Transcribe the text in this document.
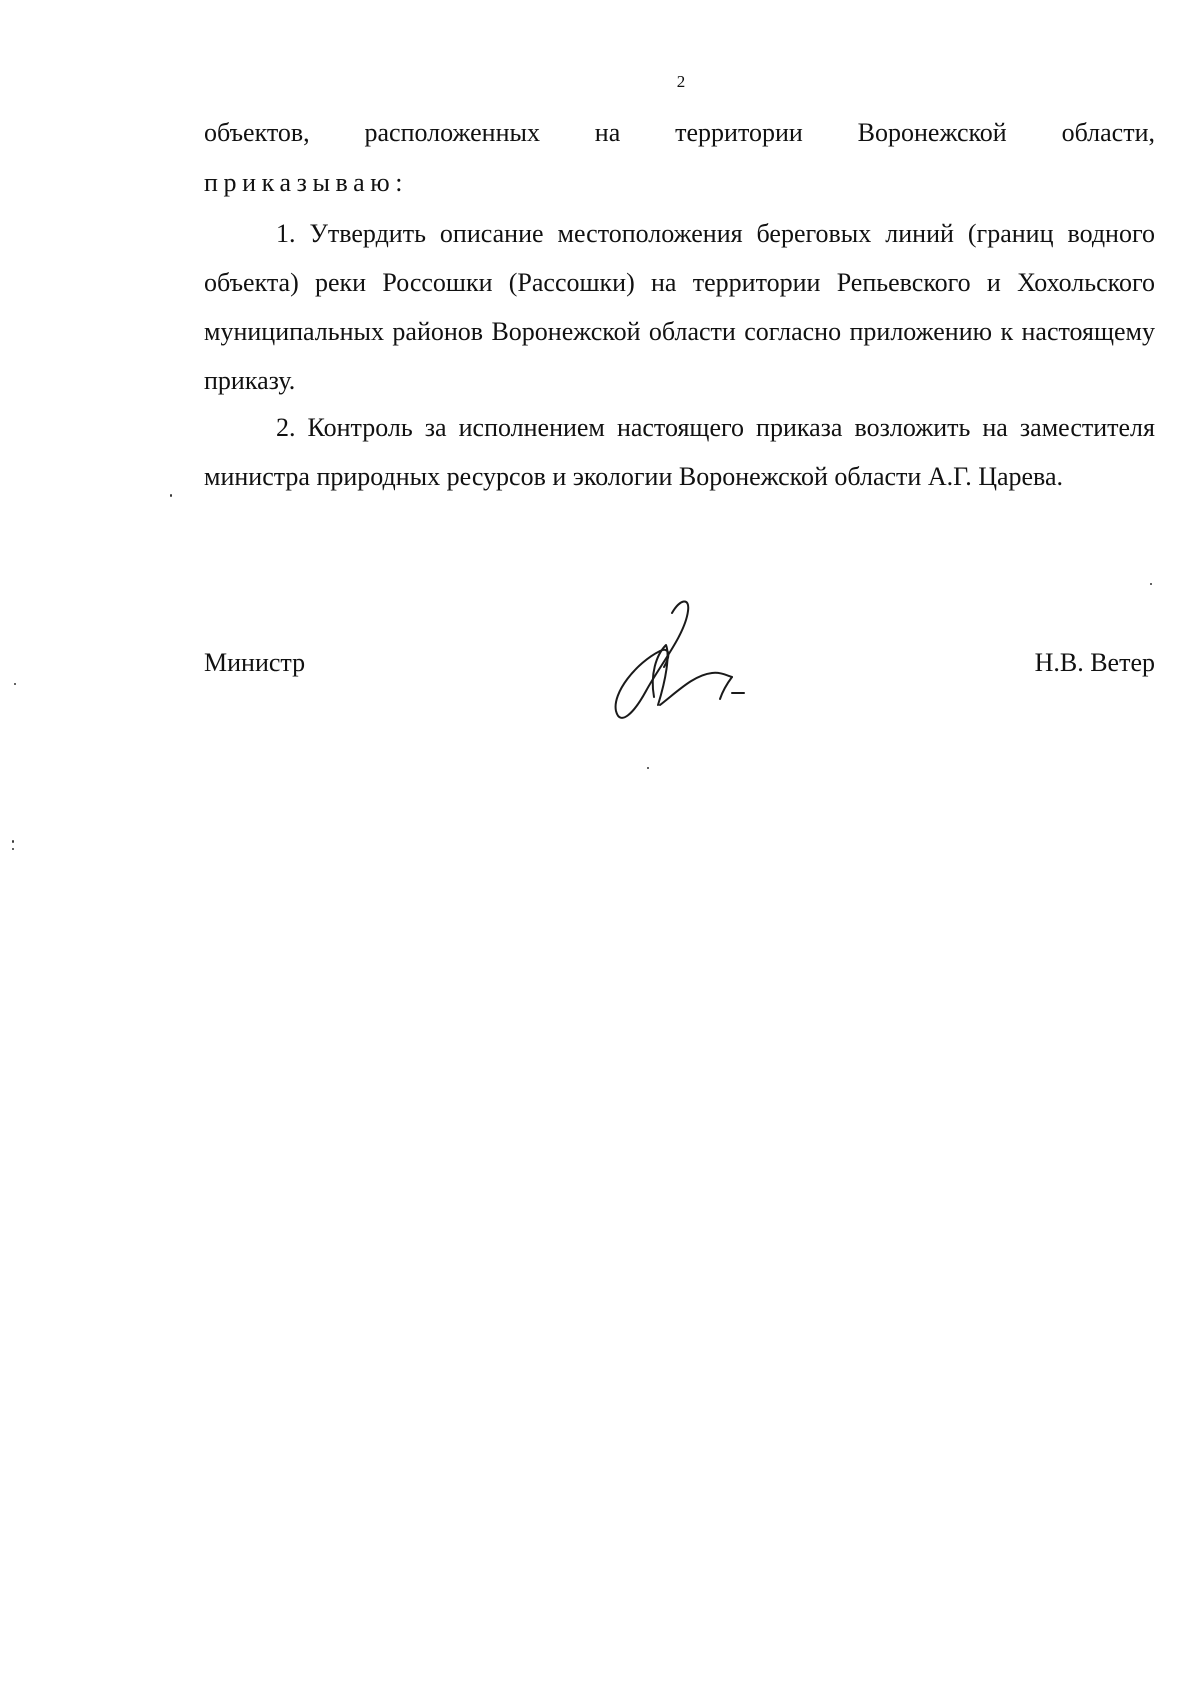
2
объектов, расположенных на территории Воронежской области,
приказываю:
1. Утвердить описание местоположения береговых линий (границ водного объекта) реки Россошки (Рассошки) на территории Репьевского и Хохольского муниципальных районов Воронежской области согласно приложению к настоящему приказу.
2. Контроль за исполнением настоящего приказа возложить на заместителя министра природных ресурсов и экологии Воронежской области А.Г. Царева.
Министр	Н.В. Ветер
